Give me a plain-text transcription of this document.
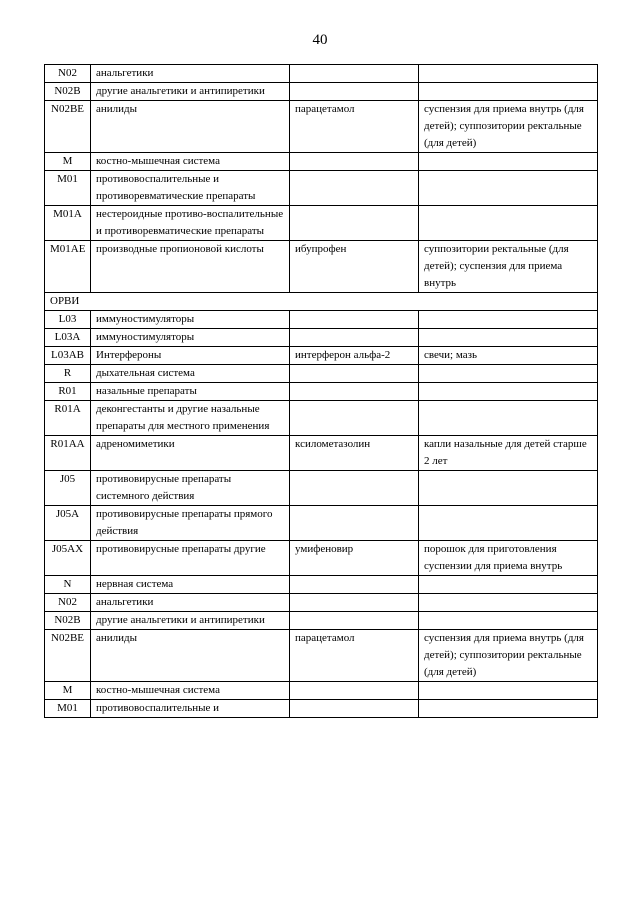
40
N02	анальгетики		
N02B	другие анальгетики и антипиретики		
N02BE	анилиды	парацетамол	суспензия для приема внутрь (для детей); суппозитории ректальные (для детей)
M	костно-мышечная система		
M01	противовоспалительные и противоревматические препараты		
M01A	нестероидные противо-воспалительные и противоревматические препараты		
M01AE	производные пропионовой кислоты	ибупрофен	суппозитории ректальные (для детей); суспензия для приема внутрь
ОРВИ			
L03	иммуностимуляторы		
L03A	иммуностимуляторы		
L03AB	Интерфероны	интерферон альфа-2	свечи; мазь
R	дыхательная система		
R01	назальные препараты		
R01A	деконгестанты и другие назальные препараты для местного применения		
R01AA	адреномиметики	ксилометазолин	капли назальные для детей старше 2 лет
J05	противовирусные препараты системного действия		
J05A	противовирусные препараты прямого действия		
J05AX	противовирусные препараты другие	умифеновир	порошок для приготовления суспензии для приема внутрь
N	нервная система		
N02	анальгетики		
N02B	другие анальгетики и антипиретики		
N02BE	анилиды	парацетамол	суспензия для приема внутрь (для детей); суппозитории ректальные (для детей)
M	костно-мышечная система		
M01	противовоспалительные и		
